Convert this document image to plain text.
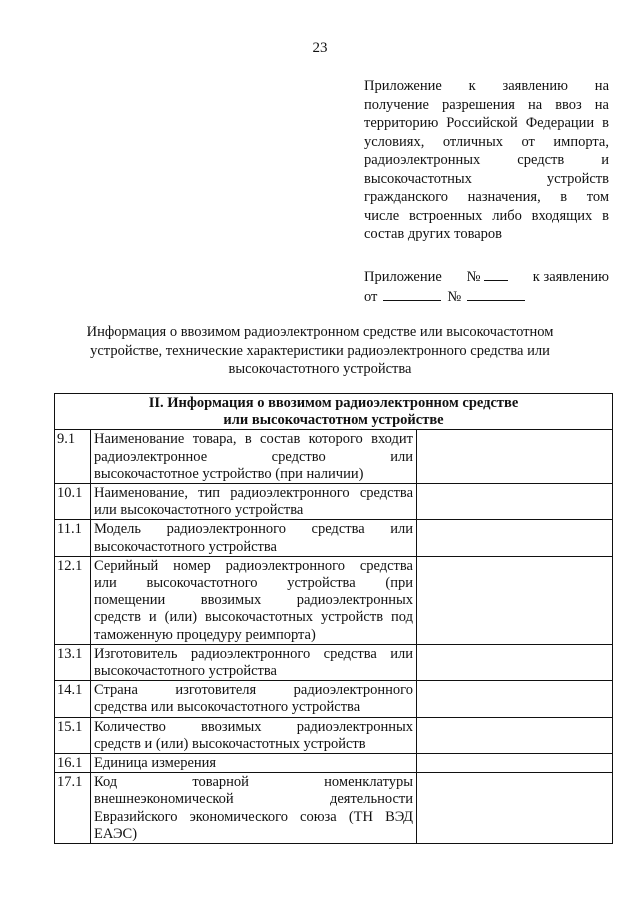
23
Приложение к заявлению на
получение разрешения на ввоз на
территорию Российской Федерации в
условиях, отличных от импорта,
радиоэлектронных средств и
высокочастотных устройств
гражданского назначения, в том
числе встроенных либо входящих в
состав других товаров
Приложение №	к заявлению
от	№
Информация о ввозимом радиоэлектронном средстве или высокочастотном
устройстве, технические характеристики радиоэлектронного средства или
высокочастотного устройства
II. Информация о ввозимом радиоэлектронном средстве
или высокочастотном устройстве		

9.1	Наименование товара, в состав которого входит
радиоэлектронное средство или
высокочастотное устройство (при наличии)	

10.1	Наименование, тип радиоэлектронного средства
или высокочастотного устройства	

11.1	Модель радиоэлектронного средства или
высокочастотного устройства	

12.1	Серийный номер радиоэлектронного средства
или высокочастотного устройства (при
помещении ввозимых радиоэлектронных
средств и (или) высокочастотных устройств под
таможенную процедуру реимпорта)	

13.1	Изготовитель радиоэлектронного средства или
высокочастотного устройства	

14.1	Страна изготовителя радиоэлектронного
средства или высокочастотного устройства	

15.1	Количество ввозимых радиоэлектронных
средств и (или) высокочастотных устройств	

16.1	Единица измерения	

17.1	Код товарной номенклатуры
внешнеэкономической деятельности
Евразийского экономического союза (ТН ВЭД
ЕАЭС)	
